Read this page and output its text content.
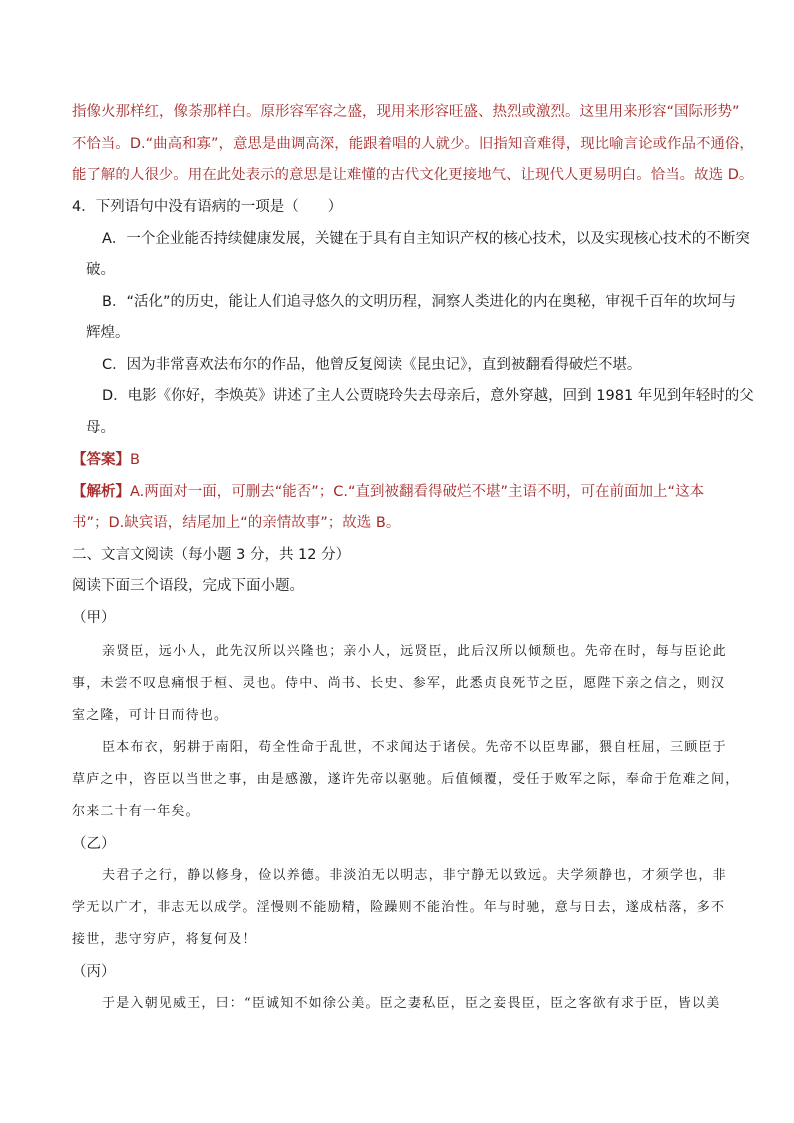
指像火那样红，像荼那样白。原形容军容之盛，现用来形容旺盛、热烈或激烈。这里用来形容“国际形势”
不恰当。D.“曲高和寡”，意思是曲调高深，能跟着唱的人就少。旧指知音难得，现比喻言论或作品不通俗，
能了解的人很少。用在此处表示的意思是让难懂的古代文化更接地气、让现代人更易明白。恰当。故选 D。
4．下列语句中没有语病的一项是（　　）
A．一个企业能否持续健康发展，关键在于具有自主知识产权的核心技术，以及实现核心技术的不断突
破。
B．“活化”的历史，能让人们追寻悠久的文明历程，洞察人类进化的内在奥秘，审视千百年的坎坷与
辉煌。
C．因为非常喜欢法布尔的作品，他曾反复阅读《昆虫记》，直到被翻看得破烂不堪。
D．电影《你好，李焕英》讲述了主人公贾晓玲失去母亲后，意外穿越，回到 1981 年见到年轻时的父
母。
【答案】B
【解析】A.两面对一面，可删去“能否”；C.“直到被翻看得破烂不堪”主语不明，可在前面加上“这本
书”；D.缺宾语，结尾加上“的亲情故事”；故选 B。
二、文言文阅读（每小题 3 分，共 12 分）
阅读下面三个语段，完成下面小题。
（甲）
亲贤臣，远小人，此先汉所以兴隆也；亲小人，远贤臣，此后汉所以倾颓也。先帝在时，每与臣论此
事，未尝不叹息痛恨于桓、灵也。侍中、尚书、长史、参军，此悉贞良死节之臣，愿陛下亲之信之，则汉
室之隆，可计日而待也。
臣本布衣，躬耕于南阳，苟全性命于乱世，不求闻达于诸侯。先帝不以臣卑鄙，猥自枉屈，三顾臣于
草庐之中，咨臣以当世之事，由是感激，遂许先帝以驱驰。后值倾覆，受任于败军之际，奉命于危难之间，
尔来二十有一年矣。
（乙）
夫君子之行，静以修身，俭以养德。非淡泊无以明志，非宁静无以致远。夫学须静也，才须学也，非
学无以广才，非志无以成学。淫慢则不能励精，险躁则不能治性。年与时驰，意与日去，遂成枯落，多不
接世，悲守穷庐，将复何及！
（丙）
于是入朝见威王，曰：“臣诚知不如徐公美。臣之妻私臣，臣之妾畏臣，臣之客欲有求于臣，皆以美
